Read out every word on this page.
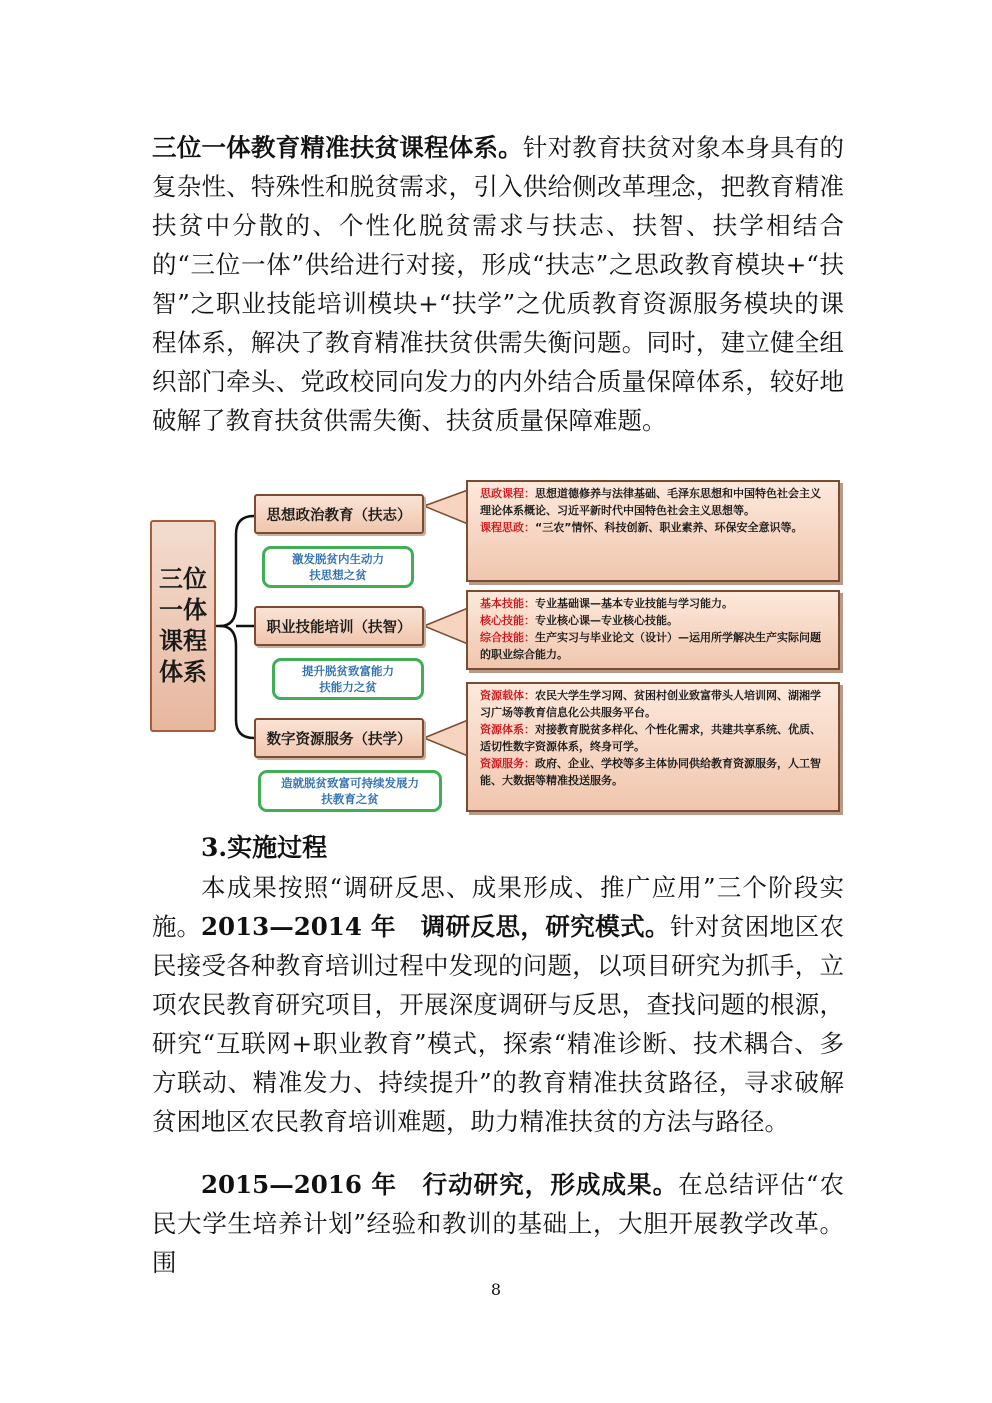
三位一体教育精准扶贫课程体系。针对教育扶贫对象本身具有的复杂性、特殊性和脱贫需求，引入供给侧改革理念，把教育精准扶贫中分散的、个性化脱贫需求与扶志、扶智、扶学相结合的“三位一体”供给进行对接，形成“扶志”之思政教育模块+“扶智”之职业技能培训模块+“扶学”之优质教育资源服务模块的课程体系，解决了教育精准扶贫供需失衡问题。同时，建立健全组织部门牵头、党政校同向发力的内外结合质量保障体系，较好地破解了教育扶贫供需失衡、扶贫质量保障难题。

三位一体课程体系
思想政治教育（扶志）
激发脱贫内生动力
扶思想之贫

思政课程：思想道德修养与法律基础、毛泽东思想和中国特色社会主义理论体系概论、习近平新时代中国特色社会主义思想等。

课程思政：“三农”情怀、科技创新、职业素养、环保安全意识等。

职业技能培训（扶智）
提升脱贫致富能力
扶能力之贫

基本技能：专业基础课—基本专业技能与学习能力。

核心技能：专业核心课—专业核心技能。

综合技能：生产实习与毕业论文（设计）—运用所学解决生产实际问题的职业综合能力。

数字资源服务（扶学）
造就脱贫致富可持续发展力
扶教育之贫

资源载体：农民大学生学习网、贫困村创业致富带头人培训网、湖湘学习广场等教育信息化公共服务平台。

资源体系：对接教育脱贫多样化、个性化需求，共建共享系统、优质、适切性数字资源体系，终身可学。

资源服务：政府、企业、学校等多主体协同供给教育资源服务，人工智能、大数据等精准投送服务。

3.实施过程

本成果按照“调研反思、成果形成、推广应用”三个阶段实施。 2013—2014 年　调研反思，研究模式。针对贫困地区农民接受各种教育培训过程中发现的问题，以项目研究为抓手，立项农民教育研究项目，开展深度调研与反思，查找问题的根源，研究“互联网+职业教育”模式，探索“精准诊断、技术耦合、多方联动、精准发力、持续提升”的教育精准扶贫路径，寻求破解贫困地区农民教育培训难题，助力精准扶贫的方法与路径。

2015—2016 年　行动研究，形成成果。在总结评估“农民大学生培养计划”经验和教训的基础上，大胆开展教学改革。围

8
